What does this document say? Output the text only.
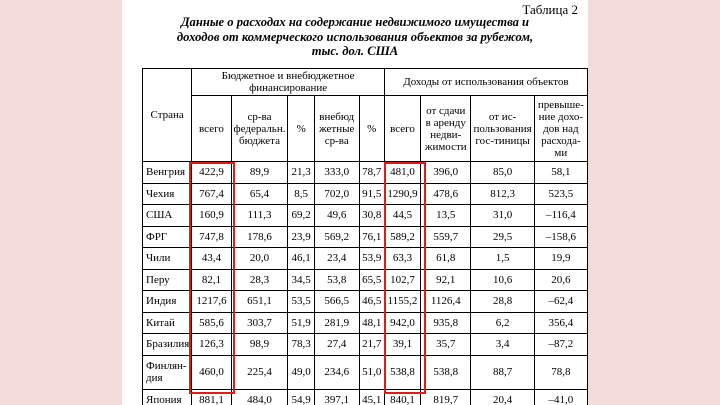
Таблица 2
Данные о расходах на содержание недвижимого имущества и
доходов от коммерческого использования объектов за рубежом,
тыс. дол. США
Страна	Бюджетное и внебюджетное финансирование					Доходы от использования объектов			
	всего	ср-ва федеральн. бюджета	%	внебюд жетные ср-ва	%	всего	от сдачи в аренду недви-жимости	от ис-пользования гос-тиницы	превыше-ние дохо-дов над расхода-ми
Венгрия	422,9	89,9	21,3	333,0	78,7	481,0	396,0	85,0	58,1
Чехия	767,4	65,4	8,5	702,0	91,5	1290,9	478,6	812,3	523,5
США	160,9	111,3	69,2	49,6	30,8	44,5	13,5	31,0	–116,4
ФРГ	747,8	178,6	23,9	569,2	76,1	589,2	559,7	29,5	–158,6
Чили	43,4	20,0	46,1	23,4	53,9	63,3	61,8	1,5	19,9
Перу	82,1	28,3	34,5	53,8	65,5	102,7	92,1	10,6	20,6
Индия	1217,6	651,1	53,5	566,5	46,5	1155,2	1126,4	28,8	–62,4
Китай	585,6	303,7	51,9	281,9	48,1	942,0	935,8	6,2	356,4
Бразилия	126,3	98,9	78,3	27,4	21,7	39,1	35,7	3,4	–87,2
Финлян-дия	460,0	225,4	49,0	234,6	51,0	538,8	538,8	88,7	78,8
Япония	881,1	484,0	54,9	397,1	45,1	840,1	819,7	20,4	–41,0
